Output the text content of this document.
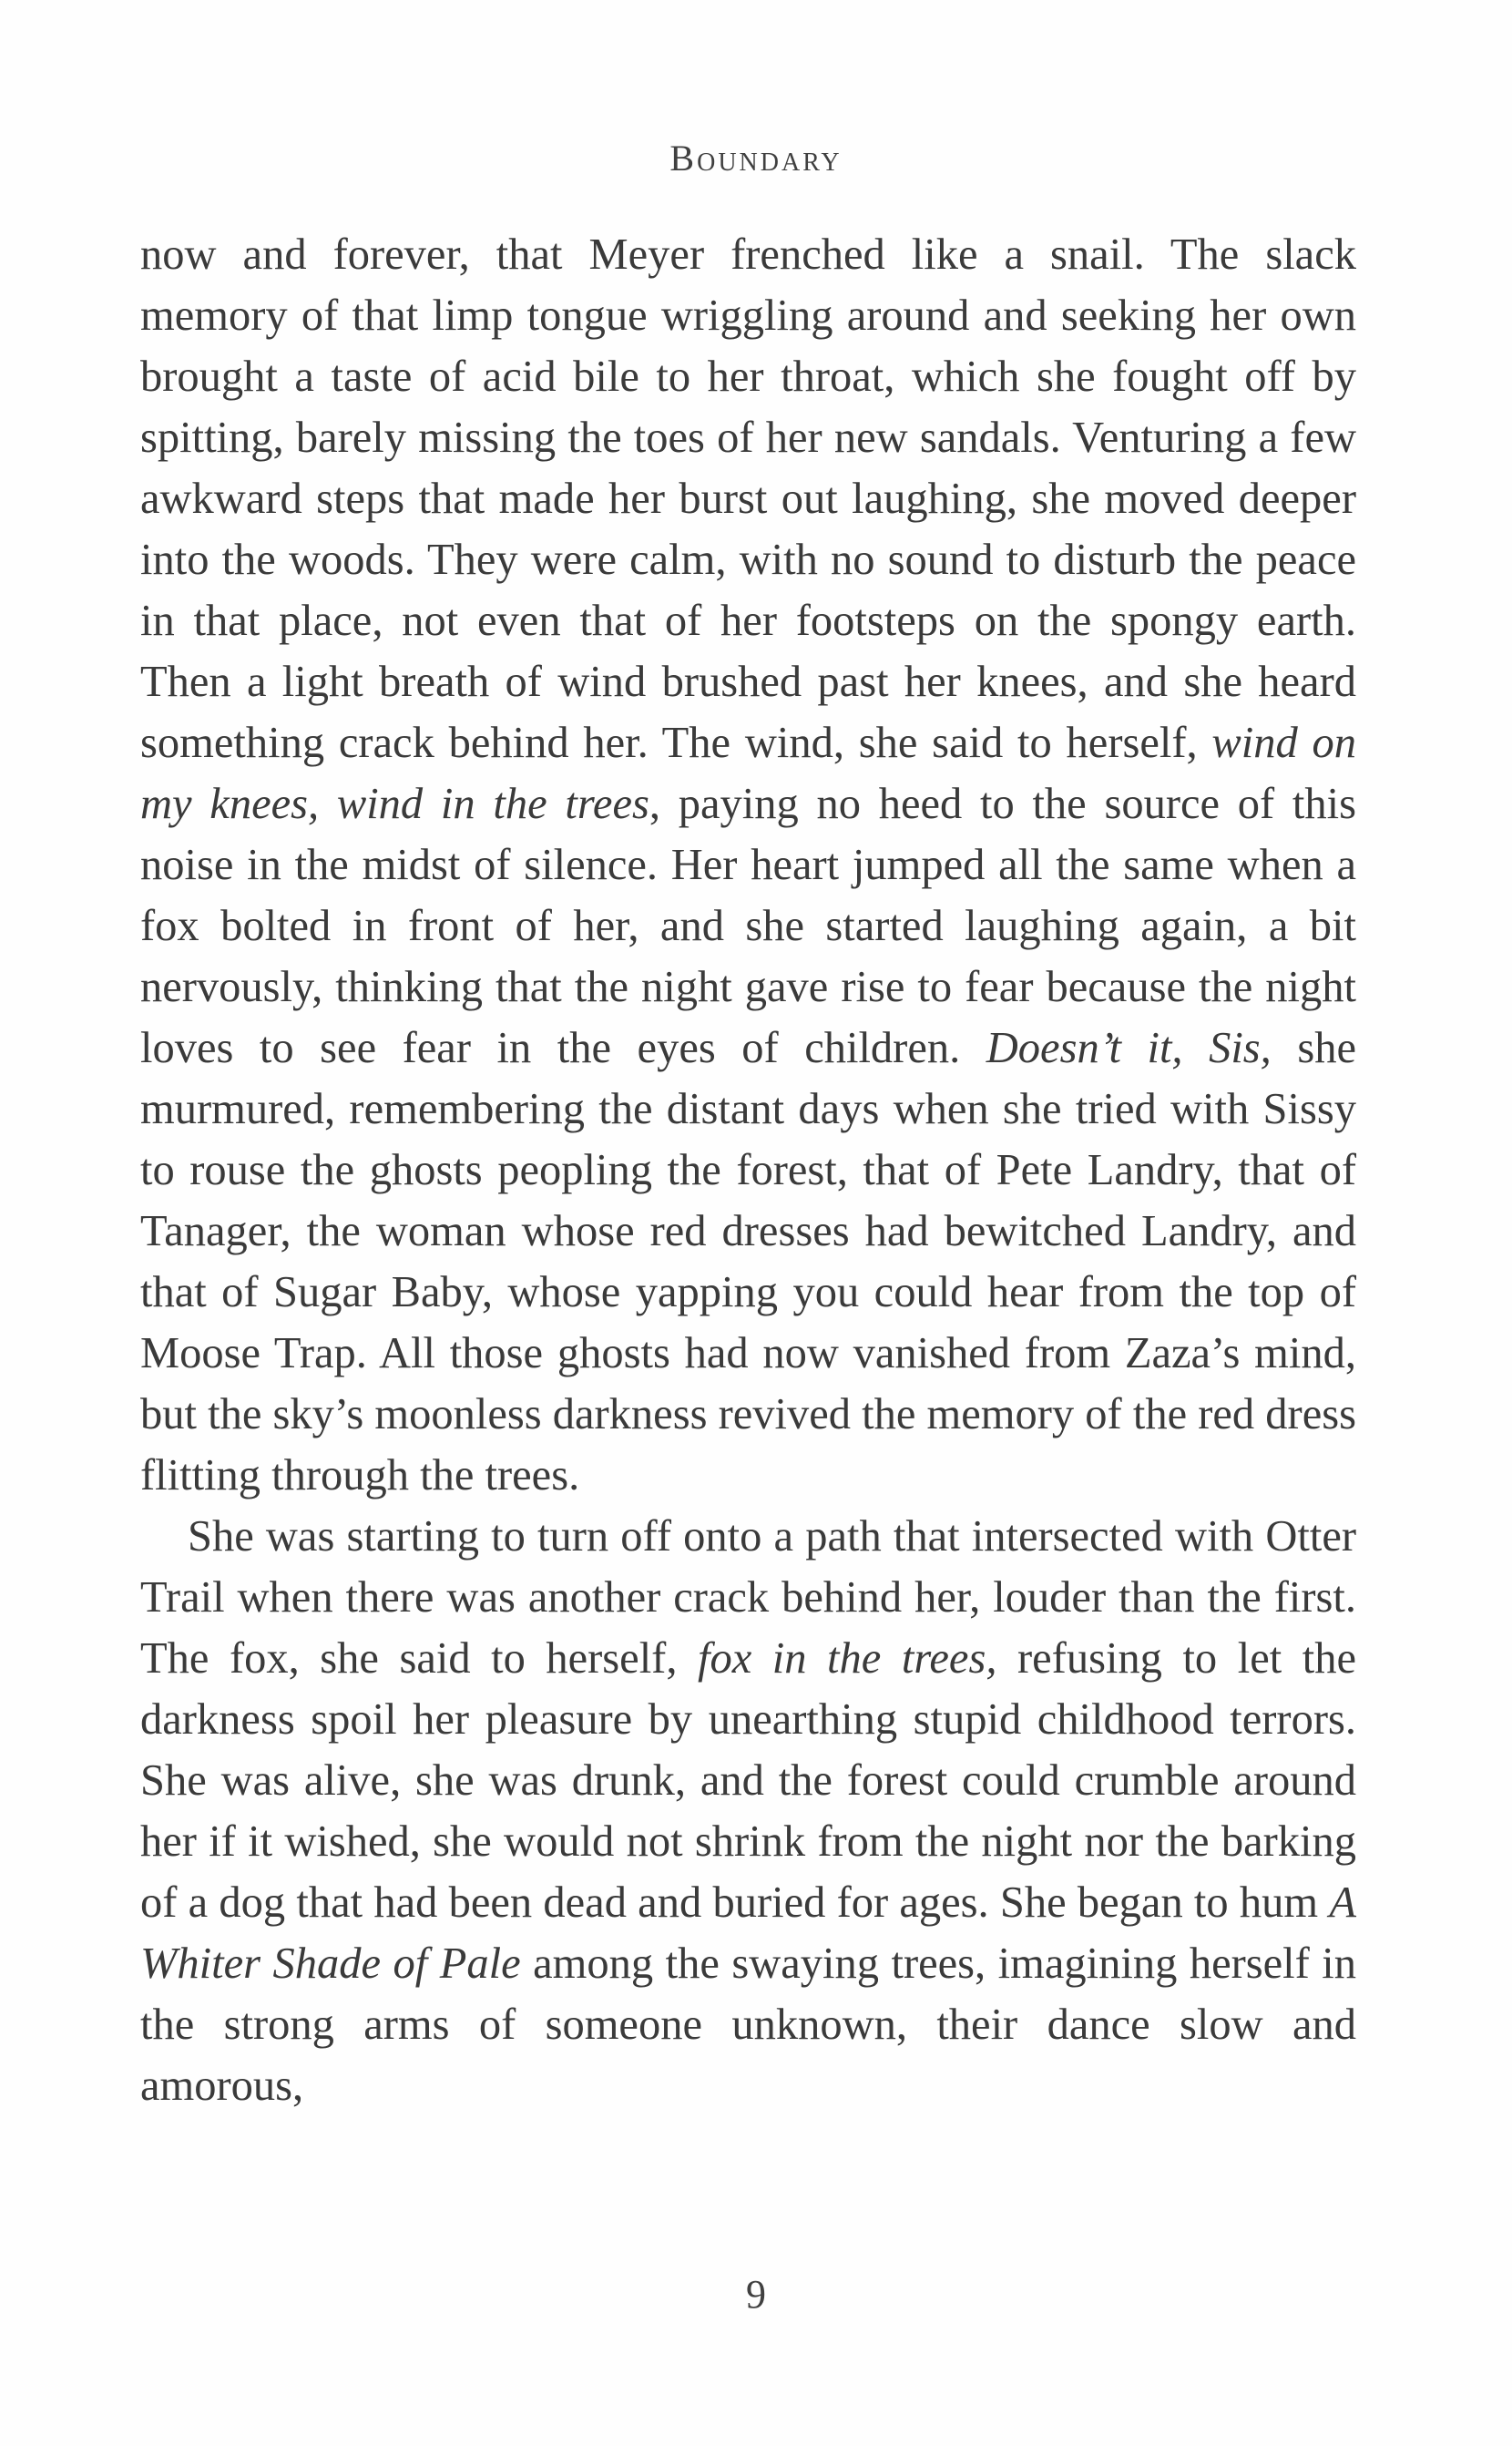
Boundary

now and forever, that Meyer frenched like a snail. The slack memory of that limp tongue wriggling around and seeking her own brought a taste of acid bile to her throat, which she fought off by spitting, barely missing the toes of her new sandals. Venturing a few awkward steps that made her burst out laughing, she moved deeper into the woods. They were calm, with no sound to disturb the peace in that place, not even that of her footsteps on the spongy earth. Then a light breath of wind brushed past her knees, and she heard something crack behind her. The wind, she said to herself, wind on my knees, wind in the trees, paying no heed to the source of this noise in the midst of silence. Her heart jumped all the same when a fox bolted in front of her, and she started laughing again, a bit nervously, thinking that the night gave rise to fear because the night loves to see fear in the eyes of children. Doesn’t it, Sis, she murmured, remembering the distant days when she tried with Sissy to rouse the ghosts peopling the forest, that of Pete Landry, that of Tanager, the woman whose red dresses had bewitched Landry, and that of Sugar Baby, whose yapping you could hear from the top of Moose Trap. All those ghosts had now vanished from Zaza’s mind, but the sky’s moonless darkness revived the memory of the red dress flitting through the trees.

She was starting to turn off onto a path that intersected with Otter Trail when there was another crack behind her, louder than the first. The fox, she said to herself, fox in the trees, refusing to let the darkness spoil her pleasure by unearthing stupid childhood terrors. She was alive, she was drunk, and the forest could crumble around her if it wished, she would not shrink from the night nor the barking of a dog that had been dead and buried for ages. She began to hum A Whiter Shade of Pale among the swaying trees, imagining herself in the strong arms of someone unknown, their dance slow and amorous,

9
